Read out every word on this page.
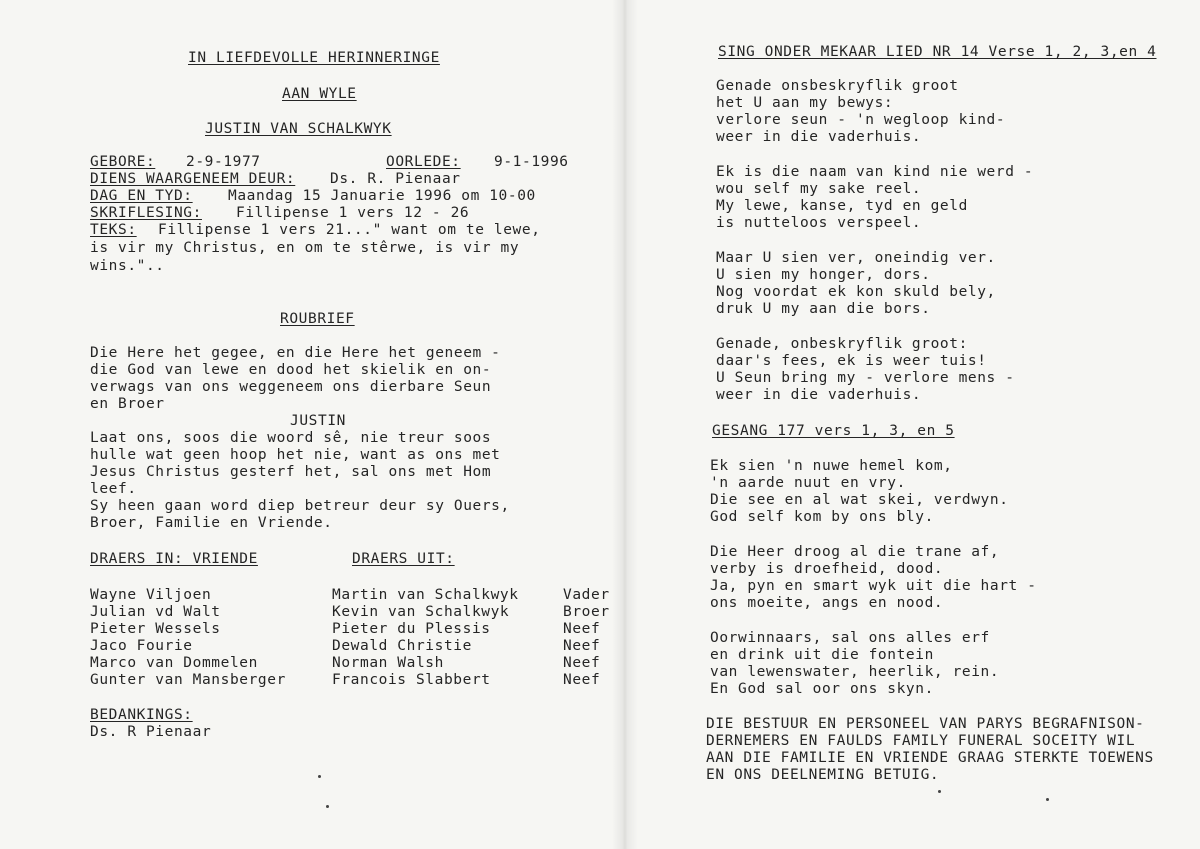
IN LIEFDEVOLLE HERINNERINGE
AAN WYLE
JUSTIN VAN SCHALKWYK
GEBORE: 2-9-1977	OORLEDE: 9-1-1996
DIENS WAARGENEEM DEUR: Ds. R. Pienaar
DAG EN TYD: Maandag 15 Januarie 1996 om 10-00
SKRIFLESING: Fillipense 1 vers 12 - 26
TEKS: Fillipense 1 vers 21..." want om te lewe,
is vir my Christus, en om te stêrwe, is vir my
wins."..
ROUBRIEF
Die Here het gegee, en die Here het geneem -
die God van lewe en dood het skielik en on-
verwags van ons weggeneem ons dierbare Seun
en Broer
JUSTIN
Laat ons, soos die woord sê, nie treur soos
hulle wat geen hoop het nie, want as ons met
Jesus Christus gesterf het, sal ons met Hom
leef.
Sy heen gaan word diep betreur deur sy Ouers,
Broer, Familie en Vriende.
DRAERS IN: VRIENDE	DRAERS UIT:
Wayne Viljoen
Julian vd Walt
Pieter Wessels
Jaco Fourie
Marco van Dommelen
Gunter van Mansberger
Martin van Schalkwyk
Kevin van Schalkwyk
Pieter du Plessis
Dewald Christie
Norman Walsh
Francois Slabbert
Vader
Broer
Neef
Neef
Neef
Neef
BEDANKINGS:
Ds. R Pienaar
SING ONDER MEKAAR LIED NR 14 Verse 1, 2, 3,en 4
Genade onsbeskryflik groot
het U aan my bewys:
verlore seun - 'n wegloop kind-
weer in die vaderhuis.
Ek is die naam van kind nie werd -
wou self my sake reel.
My lewe, kanse, tyd en geld
is nutteloos verspeel.
Maar U sien ver, oneindig ver.
U sien my honger, dors.
Nog voordat ek kon skuld bely,
druk U my aan die bors.
Genade, onbeskryflik groot:
daar's fees, ek is weer tuis!
U Seun bring my - verlore mens -
weer in die vaderhuis.
GESANG 177 vers 1, 3, en 5
Ek sien 'n nuwe hemel kom,
'n aarde nuut en vry.
Die see en al wat skei, verdwyn.
God self kom by ons bly.
Die Heer droog al die trane af,
verby is droefheid, dood.
Ja, pyn en smart wyk uit die hart -
ons moeite, angs en nood.
Oorwinnaars, sal ons alles erf
en drink uit die fontein
van lewenswater, heerlik, rein.
En God sal oor ons skyn.
DIE BESTUUR EN PERSONEEL VAN PARYS BEGRAFNISON-
DERNEMERS EN FAULDS FAMILY FUNERAL SOCEITY WIL
AAN DIE FAMILIE EN VRIENDE GRAAG STERKTE TOEWENS
EN ONS DEELNEMING BETUIG.
